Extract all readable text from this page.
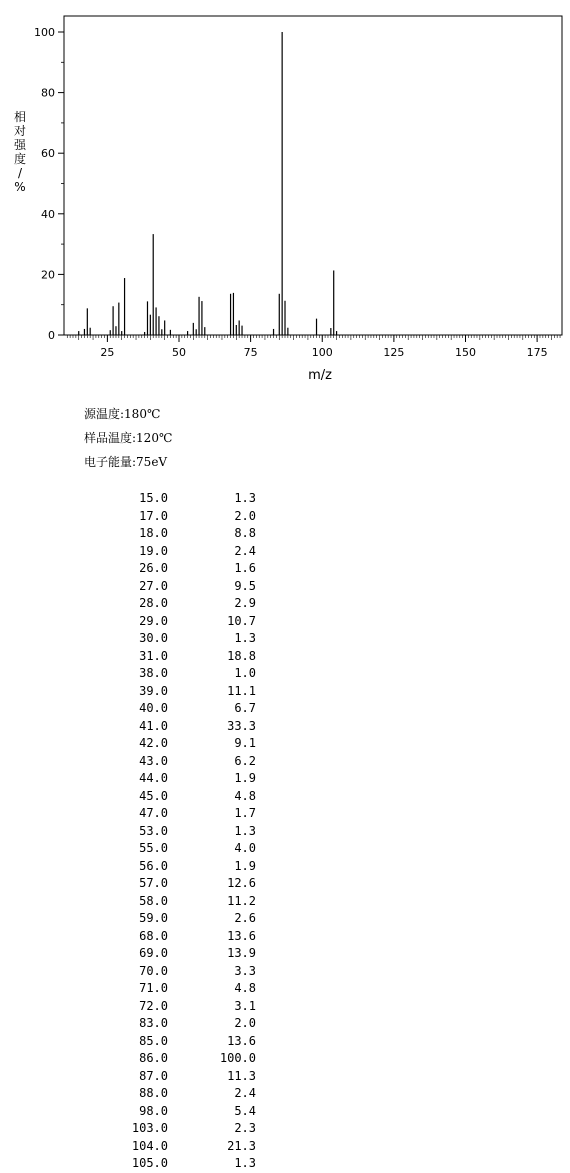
0
20
40
60
80
100
25	50	75	100	125	150	175
m/z
相
对
强
度
/
%
源温度:180℃
样品温度:120℃
电子能量:75eV
15.0	1.3
17.0	2.0
18.0	8.8
19.0	2.4
26.0	1.6
27.0	9.5
28.0	2.9
29.0	10.7
30.0	1.3
31.0	18.8
38.0	1.0
39.0	11.1
40.0	6.7
41.0	33.3
42.0	9.1
43.0	6.2
44.0	1.9
45.0	4.8
47.0	1.7
53.0	1.3
55.0	4.0
56.0	1.9
57.0	12.6
58.0	11.2
59.0	2.6
68.0	13.6
69.0	13.9
70.0	3.3
71.0	4.8
72.0	3.1
83.0	2.0
85.0	13.6
86.0	100.0
87.0	11.3
88.0	2.4
98.0	5.4
103.0	2.3
104.0	21.3
105.0	1.3
